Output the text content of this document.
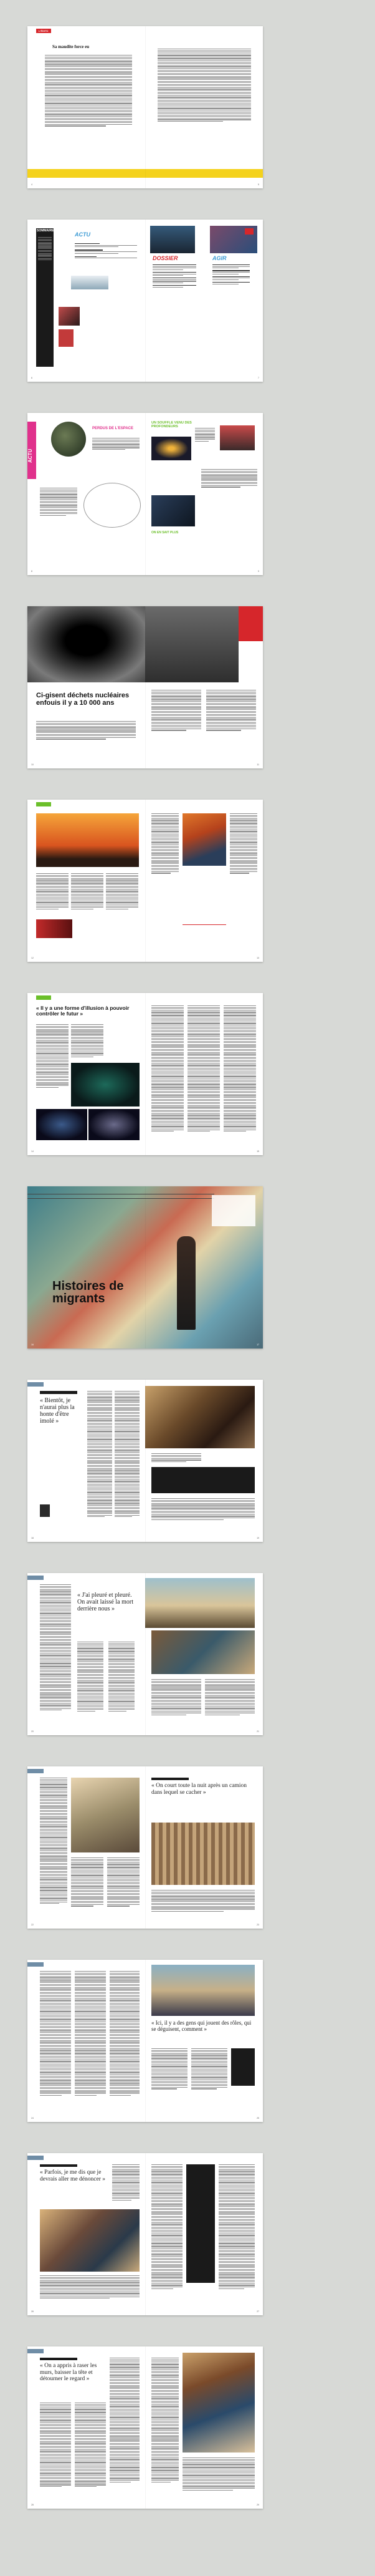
L'ÉDITO
Sa maudite force eu
4	5
SOMMAIRE
ACTU
6
DOSSIER	AGIR
7
ACTU
PERDUS DE L'ESPACE
8
UN SOUFFLE VENU DES PROFONDEURS
ON EN SAIT PLUS
9
Ci-gisent déchets nucléaires enfouis il y a 10 000 ans
10	11
12	13
« Il y a une forme d'illusion à pouvoir contrôler le futur »
14	15
Histoires de migrants
16	17
« Bientôt, je n'aurai plus la honte d'être imolé »
18	19
« J'ai pleuré et pleuré. On avait laissé la mort derrière nous »
20	21
22
« On court toute la nuit après un camion dans lequel se cacher »
23
24
« Ici, il y a des gens qui jouent des rôles, qui se déguisent, comment »
25
« Parfois, je me dis que je devrais aller me dénoncer »
26	27
« On a appris à raser les murs, baisser la tête et détourner le regard »
28	29
